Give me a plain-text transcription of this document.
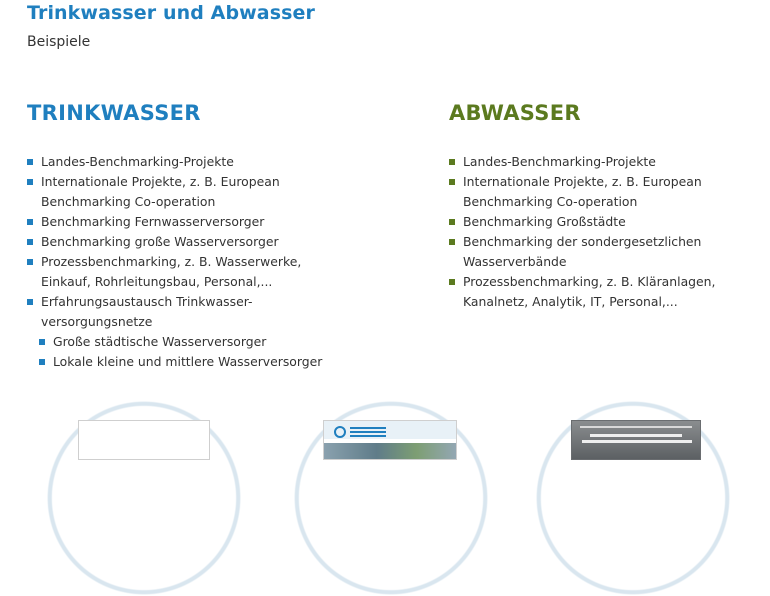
Trinkwasser und Abwasser
Beispiele
TRINKWASSER
Landes-Benchmarking-Projekte
Internationale Projekte, z. B. European
Benchmarking Co-operation
Benchmarking Fernwasserversorger
Benchmarking große Wasserversorger
Prozessbenchmarking, z. B. Wasserwerke,
Einkauf, Rohrleitungsbau, Personal,...
Erfahrungsaustausch Trinkwasser-
versorgungsnetze
Große städtische Wasserversorger
Lokale kleine und mittlere Wasserversorger
ABWASSER
Landes-Benchmarking-Projekte
Internationale Projekte, z. B. European
Benchmarking Co-operation
Benchmarking Großstädte
Benchmarking der sondergesetzlichen
Wasserverbände
Prozessbenchmarking, z. B. Kläranlagen,
Kanalnetz, Analytik, IT, Personal,...
